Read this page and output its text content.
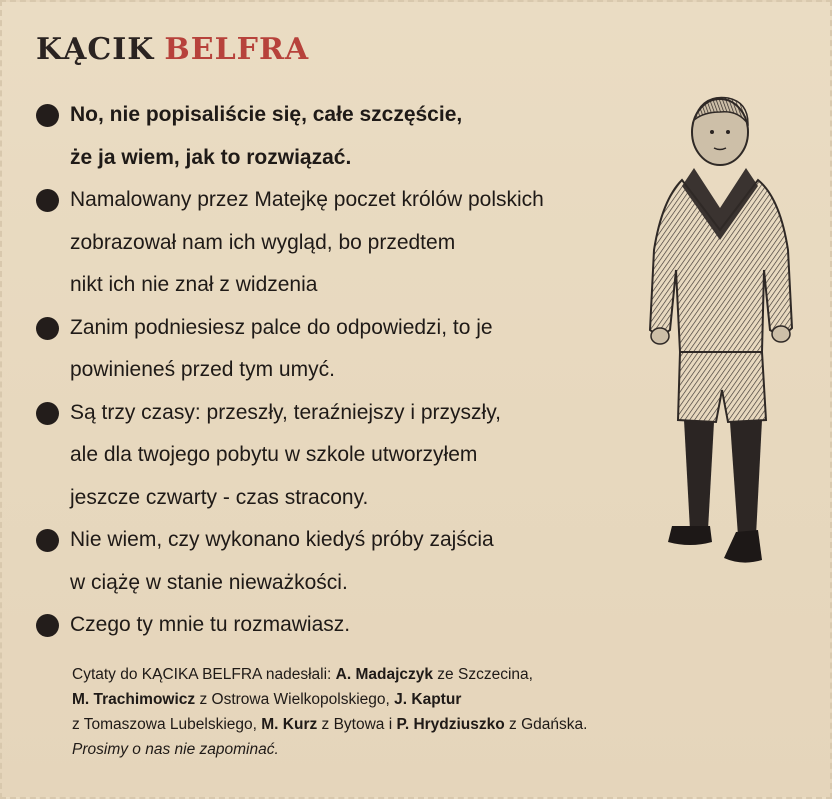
KĄCIK BELFRA

No, nie popisaliście się, całe szczęście,
że ja wiem, jak to rozwiązać.

Namalowany przez Matejkę poczet królów polskich
zobrazował nam ich wygląd, bo przedtem
nikt ich nie znał z widzenia

Zanim podniesiesz palce do odpowiedzi, to je
powinieneś przed tym umyć.

Są trzy czasy: przeszły, teraźniejszy i przyszły,
ale dla twojego pobytu w szkole utworzyłem
jeszcze czwarty - czas stracony.

Nie wiem, czy wykonano kiedyś próby zajścia
w ciążę w stanie nieważkości.

Czego ty mnie tu rozmawiasz.

Cytaty do KĄCIKA BELFRA nadesłali: A. Madajczyk ze Szczecina,
M. Trachimowicz z Ostrowa Wielkopolskiego, J. Kaptur
z Tomaszowa Lubelskiego, M. Kurz z Bytowa i P. Hrydziuszko z Gdańska.
Prosimy o nas nie zapominać.
